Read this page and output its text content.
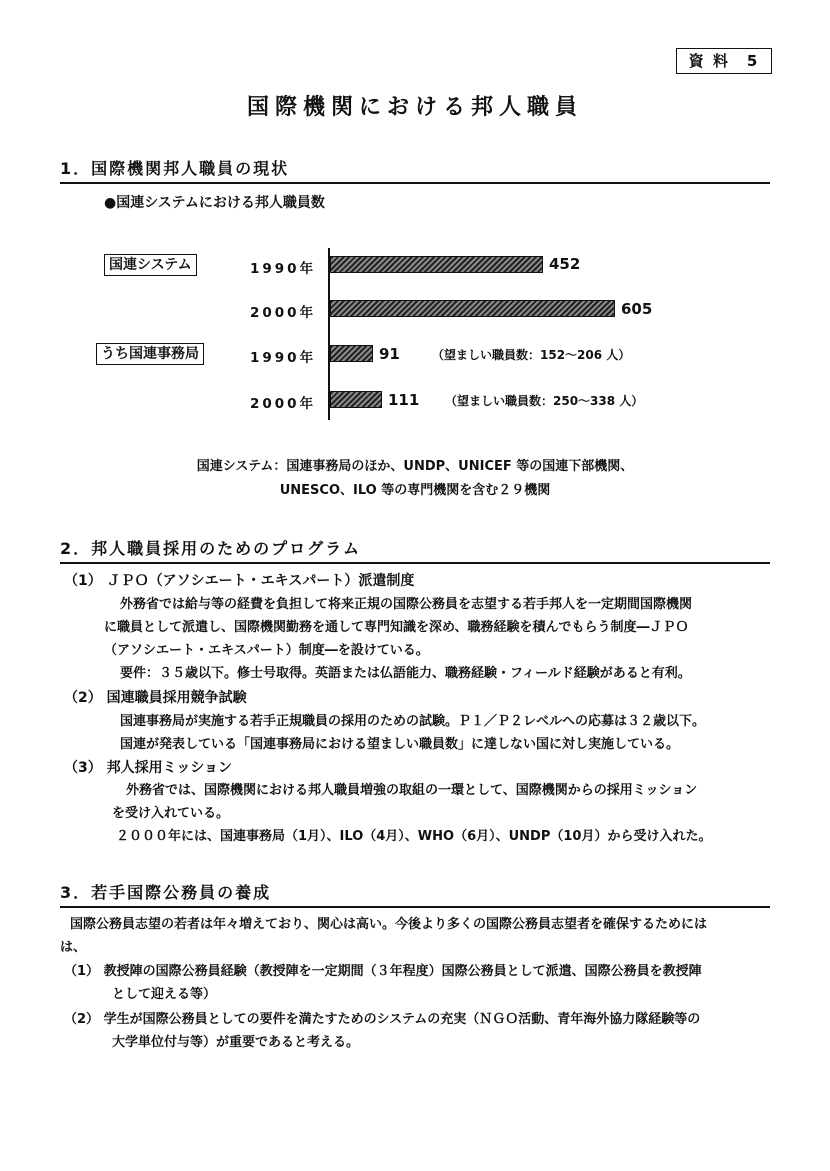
資 料　5
国際機関における邦人職員
1．国際機関邦人職員の現状
●国連システムにおける邦人職員数
国連システム
うち国連事務局
1990年
2000年
1990年
2000年
452
605
91
111
（望ましい職員数：152～206 人）
（望ましい職員数：250～338 人）
国連システム：国連事務局のほか、UNDP、UNICEF 等の国連下部機関、
UNESCO、ILO 等の専門機関を含む２９機関
2．邦人職員採用のためのプログラム
（1） ＪＰＯ（アソシエート・エキスパート）派遣制度
外務省では給与等の経費を負担して将来正規の国際公務員を志望する若手邦人を一定期間国際機関
に職員として派遣し、国際機関勤務を通して専門知識を深め、職務経験を積んでもらう制度―ＪＰＯ
（アソシエート・エキスパート）制度―を設けている。
要件：３５歳以下。修士号取得。英語または仏語能力、職務経験・フィールド経験があると有利。
（2） 国連職員採用競争試験
国連事務局が実施する若手正規職員の採用のための試験。Ｐ１／Ｐ２レベルへの応募は３２歳以下。
国連が発表している「国連事務局における望ましい職員数」に達しない国に対し実施している。
（3） 邦人採用ミッション
外務省では、国際機関における邦人職員増強の取組の一環として、国際機関からの採用ミッション
を受け入れている。
２０００年には、国連事務局（1月）、ILO（4月）、WHO（6月）、UNDP（10月）から受け入れた。
3．若手国際公務員の養成
国際公務員志望の若者は年々増えており、関心は高い。今後より多くの国際公務員志望者を確保するためには
は、
（1） 教授陣の国際公務員経験（教授陣を一定期間（３年程度）国際公務員として派遣、国際公務員を教授陣
として迎える等）
（2） 学生が国際公務員としての要件を満たすためのシステムの充実（ＮＧＯ活動、青年海外協力隊経験等の
大学単位付与等）が重要であると考える。
